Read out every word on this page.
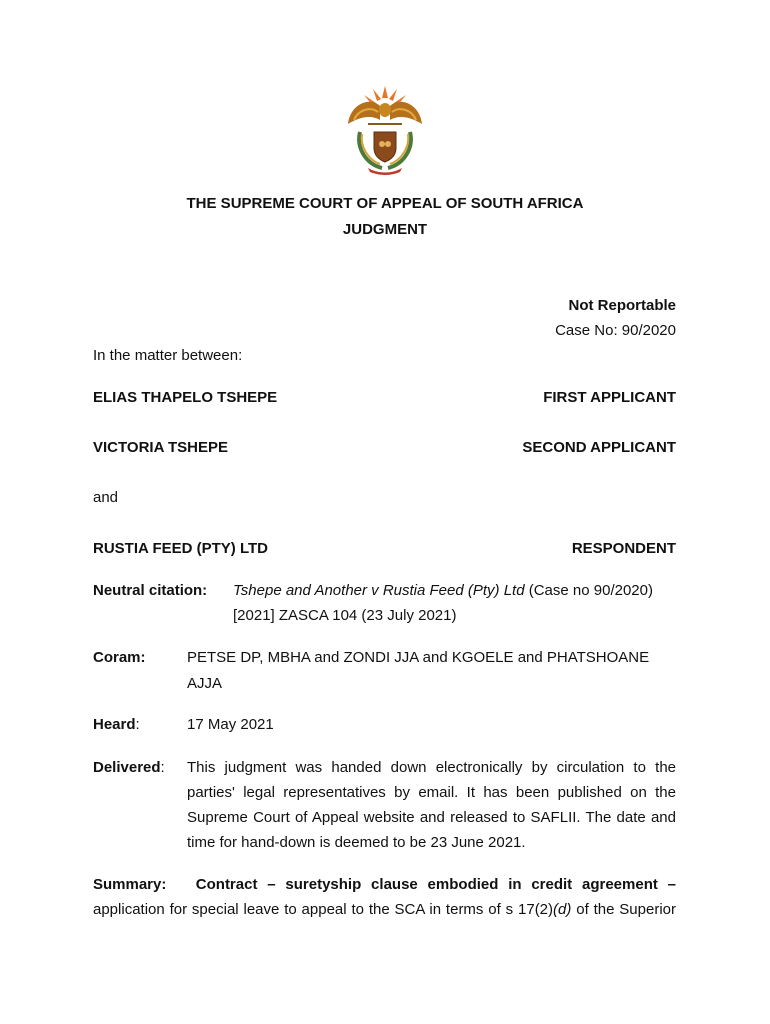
THE SUPREME COURT OF APPEAL OF SOUTH AFRICA
JUDGMENT
Not Reportable
Case No: 90/2020
In the matter between:
ELIAS THAPELO TSHEPE	FIRST APPLICANT
VICTORIA TSHEPE	SECOND APPLICANT
and
RUSTIA FEED (PTY) LTD	RESPONDENT
Neutral citation: Tshepe and Another v Rustia Feed (Pty) Ltd (Case no 90/2020)
[2021] ZASCA 104 (23 July 2021)
Coram:	PETSE DP, MBHA and ZONDI JJA and KGOELE and PHATSHOANE
AJJA
Heard:	17 May 2021
Delivered: This judgment was handed down electronically by circulation to the
parties' legal representatives by email. It has been published on the
Supreme Court of Appeal website and released to SAFLII. The date and
time for hand-down is deemed to be 23 June 2021.
Summary: Contract – suretyship clause embodied in credit agreement –
application for special leave to appeal to the SCA in terms of s 17(2)(d) of the Superior
